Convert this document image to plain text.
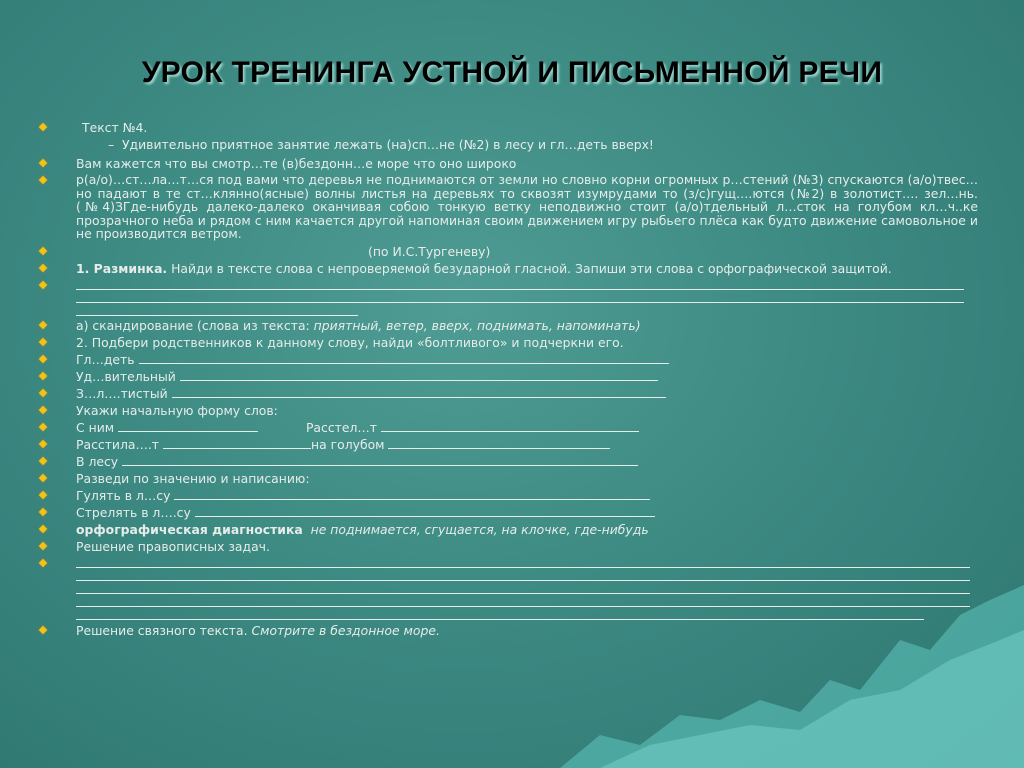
УРОК ТРЕНИНГА УСТНОЙ И ПИСЬМЕННОЙ РЕЧИ
Текст №4.
– Удивительно приятное занятие лежать (на)сп…не (№2) в лесу и гл…деть вверх!
Вам кажется что вы смотр…те (в)бездонн…е море что оно широко
р(а/о)…ст…ла…т…ся под вами что деревья не поднимаются от земли но словно корни огромных р…стений (№3) спускаются (а/о)твес…но падают в те ст…клянно(ясные) волны листья на деревьях то сквозят изумрудами то (з/с)гущ….ются (№2) в золотист…. зел…нь. (№4)ЗГде-нибудь далеко-далеко оканчивая собою тонкую ветку неподвижно стоит (а/о)тдельный л…сток на голубом кл…ч..ке прозрачного неба и рядом с ним качается другой напоминая своим движением игру рыбьего плёса как будто движение самовольное и не производится ветром.
(по И.С.Тургеневу)
1. Разминка. Найди в тексте слова с непроверяемой безударной гласной. Запиши эти слова с орфографической защитой.
а) скандирование (слова из текста: приятный, ветер, вверх, поднимать, напоминать)
2. Подбери родственников к данному слову, найди «болтливого» и подчеркни его.
Гл…деть
Уд…вительный
З…л….тистый
Укажи начальную форму слов:
С ним	Расстел…т
Расстила….т	на голубом
В лесу
Разведи по значению и написанию:
Гулять в л…су
Стрелять в л….су
орфографическая диагностика не поднимается, сгущается, на клочке, где-нибудь
Решение правописных задач.
Решение связного текста. Смотрите в бездонное море.
